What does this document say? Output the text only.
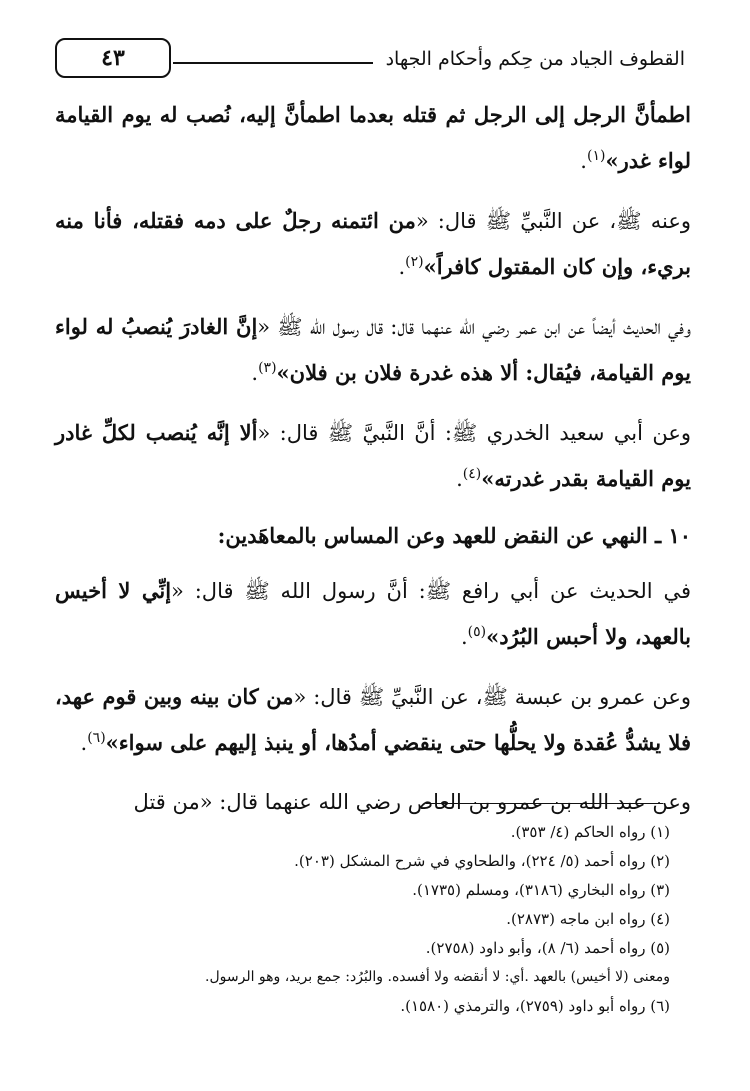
٤٣	القطوف الجياد من حِكم وأحكام الجهاد

اطمأنَّ الرجل إلى الرجل ثم قتله بعدما اطمأنَّ إليه، نُصب له يوم القيامة لواء غدر»$^{(١)}$.

وعنه ﷺ، عن النَّبيِّ ﷺ قال: «من ائتمنه رجلٌ على دمه فقتله، فأنا منه بريء، وإن كان المقتول كافراً»$^{(٢)}$.

وفي الحديث أيضاً عن ابن عمر رضي الله عنهما قال: قال رسول الله ﷺ «إنَّ الغادرَ يُنصبُ له لواء يوم القيامة، فيُقال: ألا هذه غدرة فلان بن فلان»$^{(٣)}$.

وعن أبي سعيد الخدري ﷺ: أنَّ النَّبيَّ ﷺ قال: «ألا إنَّه يُنصب لكلِّ غادر يوم القيامة بقدر غدرته»$^{(٤)}$.

١٠ ـ النهي عن النقض للعهد وعن المساس بالمعاهَدين:

في الحديث عن أبي رافع ﷺ: أنَّ رسول الله ﷺ قال: «إنِّي لا أخيس بالعهد، ولا أحبس البُرُد»$^{(٥)}$.

وعن عمرو بن عبسة ﷺ، عن النَّبيِّ ﷺ قال: «من كان بينه وبين قوم عهد، فلا يشدُّ عُقدة ولا يحلُّها حتى ينقضي أمدُها، أو ينبذ إليهم على سواء»$^{(٦)}$.

وعن عبد الله بن عمرو بن العاص رضي الله عنهما قال: «من قتل

(١) رواه الحاكم (٤/ ٣٥٣).
(٢) رواه أحمد (٥/ ٢٢٤)، والطحاوي في شرح المشكل (٢٠٣).
(٣) رواه البخاري (٣١٨٦)، ومسلم (١٧٣٥).
(٤) رواه ابن ماجه (٢٨٧٣).
(٥) رواه أحمد (٦/ ٨)، وأبو داود (٢٧٥٨).
ومعنى (لا أخيس) بالعهد .أي: لا أنقضه ولا أفسده. والبُرُد: جمع بريد، وهو الرسول.
(٦) رواه أبو داود (٢٧٥٩)، والترمذي (١٥٨٠).
